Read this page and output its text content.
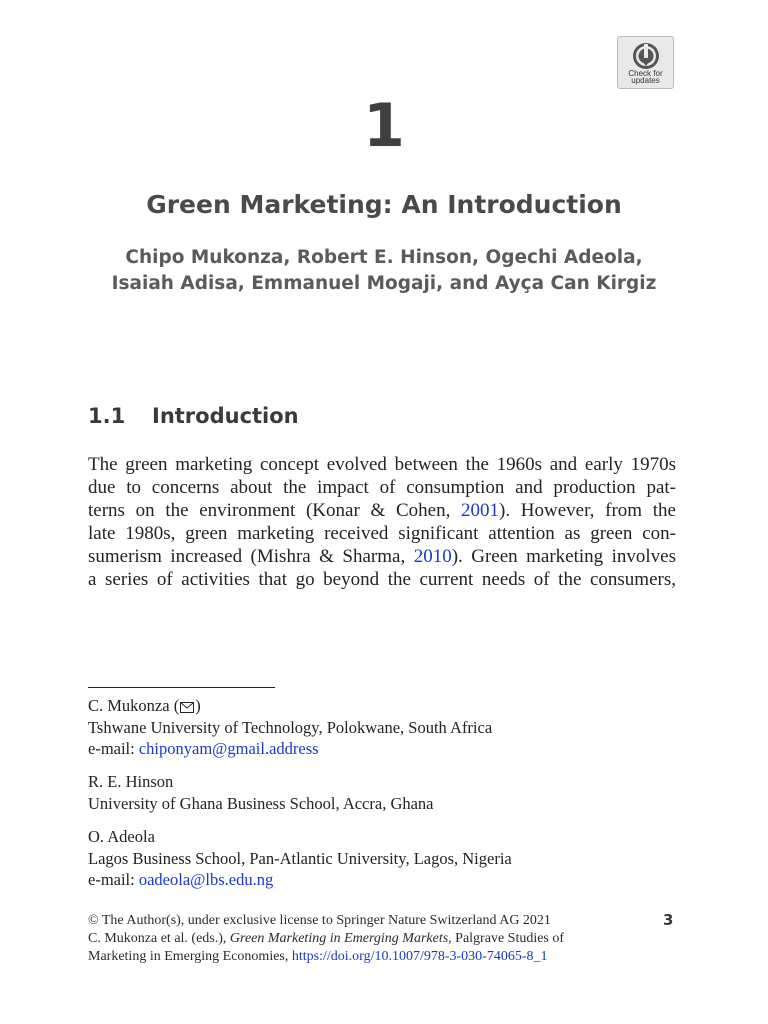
Check for
updates
1
Green Marketing: An Introduction
Chipo Mukonza, Robert E. Hinson, Ogechi Adeola,
Isaiah Adisa, Emmanuel Mogaji, and Ayça Can Kirgiz
1.1 Introduction
The green marketing concept evolved between the 1960s and early 1970s
due to concerns about the impact of consumption and production pat-
terns on the environment (Konar & Cohen, 2001). However, from the
late 1980s, green marketing received significant attention as green con-
sumerism increased (Mishra & Sharma, 2010). Green marketing involves
a series of activities that go beyond the current needs of the consumers,
C. Mukonza ( )
Tshwane University of Technology, Polokwane, South Africa
e-mail: chiponyam@gmail.address
R. E. Hinson
University of Ghana Business School, Accra, Ghana
O. Adeola
Lagos Business School, Pan-Atlantic University, Lagos, Nigeria
e-mail: oadeola@lbs.edu.ng
© The Author(s), under exclusive license to Springer Nature Switzerland AG 2021
C. Mukonza et al. (eds.), Green Marketing in Emerging Markets, Palgrave Studies of
Marketing in Emerging Economies, https://doi.org/10.1007/978-3-030-74065-8_1
3
